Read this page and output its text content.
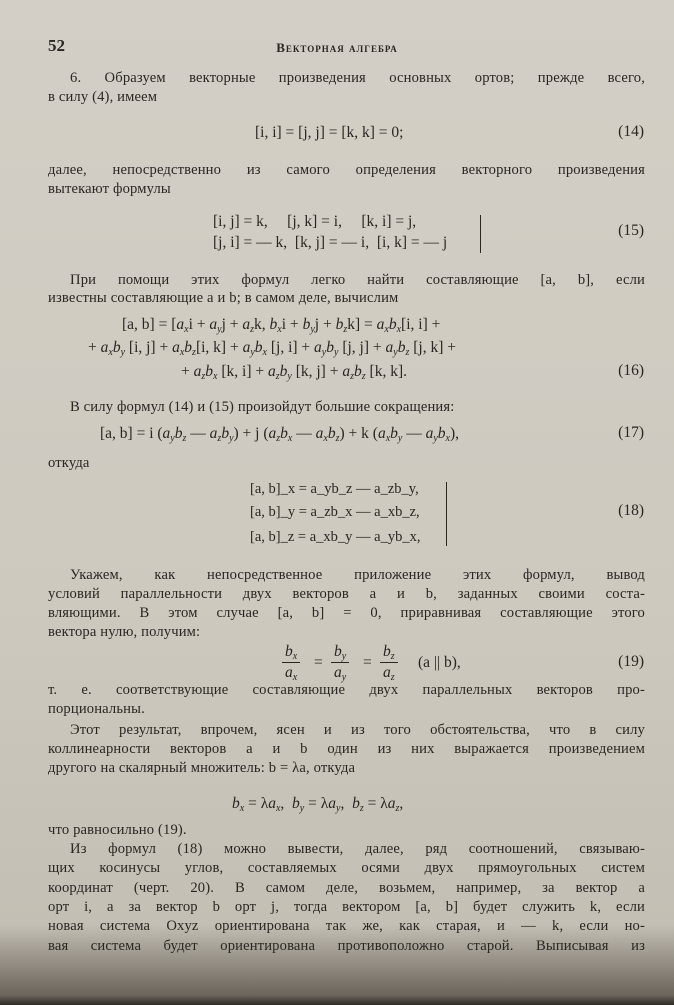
52	Векторная алгебра
6. Образуем векторные произведения основных ортов; прежде всего,
в силу (4), имеем
[i, i] = [j, j] = [k, k] = 0;	(14)
далее, непосредственно из самого определения векторного произведения
вытекают формулы
[i, j] = k,     [j, k] = i,     [k, i] = j,
[j, i] = — k,  [k, j] = — i,  [i, k] = — j
(15)
При помощи этих формул легко найти составляющие [a, b], если
известны составляющие a и b; в самом деле, вычислим
[a, $b] = [a_xi + a_yj + a_zk$, $b_xi + b_yj + b_zk] = a_xb_x[i$, i] +
+ $a_xb_y$ [i, $j] + a_xb_z[i$, $k] + a_yb_x$ [j, $i] + a_yb_y$ [j, $j] + a_yb_z$ [j, k] +
+ $a_zb_x$ [k, $i] + a_zb_y$ [k, $j] + a_zb_z$ [k, k].	(16)
В силу формул (14) и (15) произойдут большие сокращения:
[a, b] = i ($a_yb_z$ — $a_zb_y) + j$ ($a_zb_x$ — $a_xb_z) + k$ ($a_xb_y$ — $a_yb_x$),	(17)
откуда
[a, b]_x = a_yb_z — a_zb_y,
[a, b]_y = a_zb_x — a_xb_z,
[a, b]_z = a_xb_y — a_yb_x,
(18)
Укажем, как непосредственное приложение этих формул, вывод
условий параллельности двух векторов a и b, заданных своими соста-
вляющими. В этом случае [a, b] = 0, приравнивая составляющие этого
вектора нулю, получим:
$\frac{b_x}{a_x} = \frac{b_y}{a_y} = \frac{b_z}{a_z} (a$ || b),	(19)
т. е. соответствующие составляющие двух параллельных векторов про-
порциональны.
Этот результат, впрочем, ясен и из того обстоятельства, что в силу
коллинеарности векторов a и b один из них выражается произведением
другого на скалярный множитель: b = λa, откуда
$b_x = \lambda a_x$,  $b_y = \lambda a_y$,  $b_z = \lambda a_z$,
что равносильно (19).
Из формул (18) можно вывести, далее, ряд соотношений, связываю-
щих косинусы углов, составляемых осями двух прямоугольных систем
координат (черт. 20). В самом деле, возьмем, например, за вектор a
орт i, а за вектор b орт j, тогда вектором [a, b] будет служить k, если
новая система Oxyz ориентирована так же, как старая, и — k, если но-
вая система будет ориентирована противоположно старой. Выписывая из
